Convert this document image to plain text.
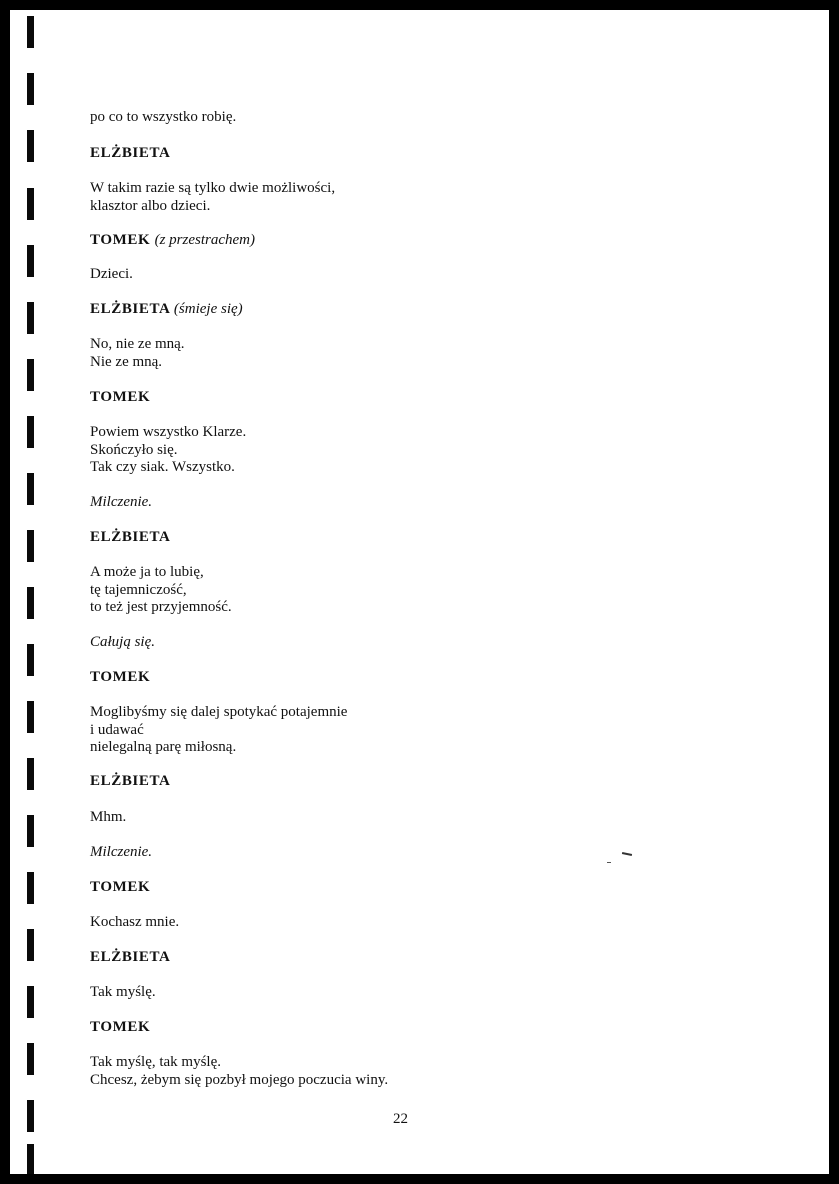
po co to wszystko robię.

ELŻBIETA

W takim razie są tylko dwie możliwości,
klasztor albo dzieci.

TOMEK (z przestrachem)

Dzieci.

ELŻBIETA (śmieje się)

No, nie ze mną.
Nie ze mną.

TOMEK

Powiem wszystko Klarze.
Skończyło się.
Tak czy siak. Wszystko.

Milczenie.

ELŻBIETA

A może ja to lubię,
tę tajemniczość,
to też jest przyjemność.

Całują się.

TOMEK

Moglibyśmy się dalej spotykać potajemnie
i udawać
nielegalną parę miłosną.

ELŻBIETA

Mhm.

Milczenie.

TOMEK

Kochasz mnie.

ELŻBIETA

Tak myślę.

TOMEK

Tak myślę, tak myślę.
Chcesz, żebym się pozbył mojego poczucia winy.

22
